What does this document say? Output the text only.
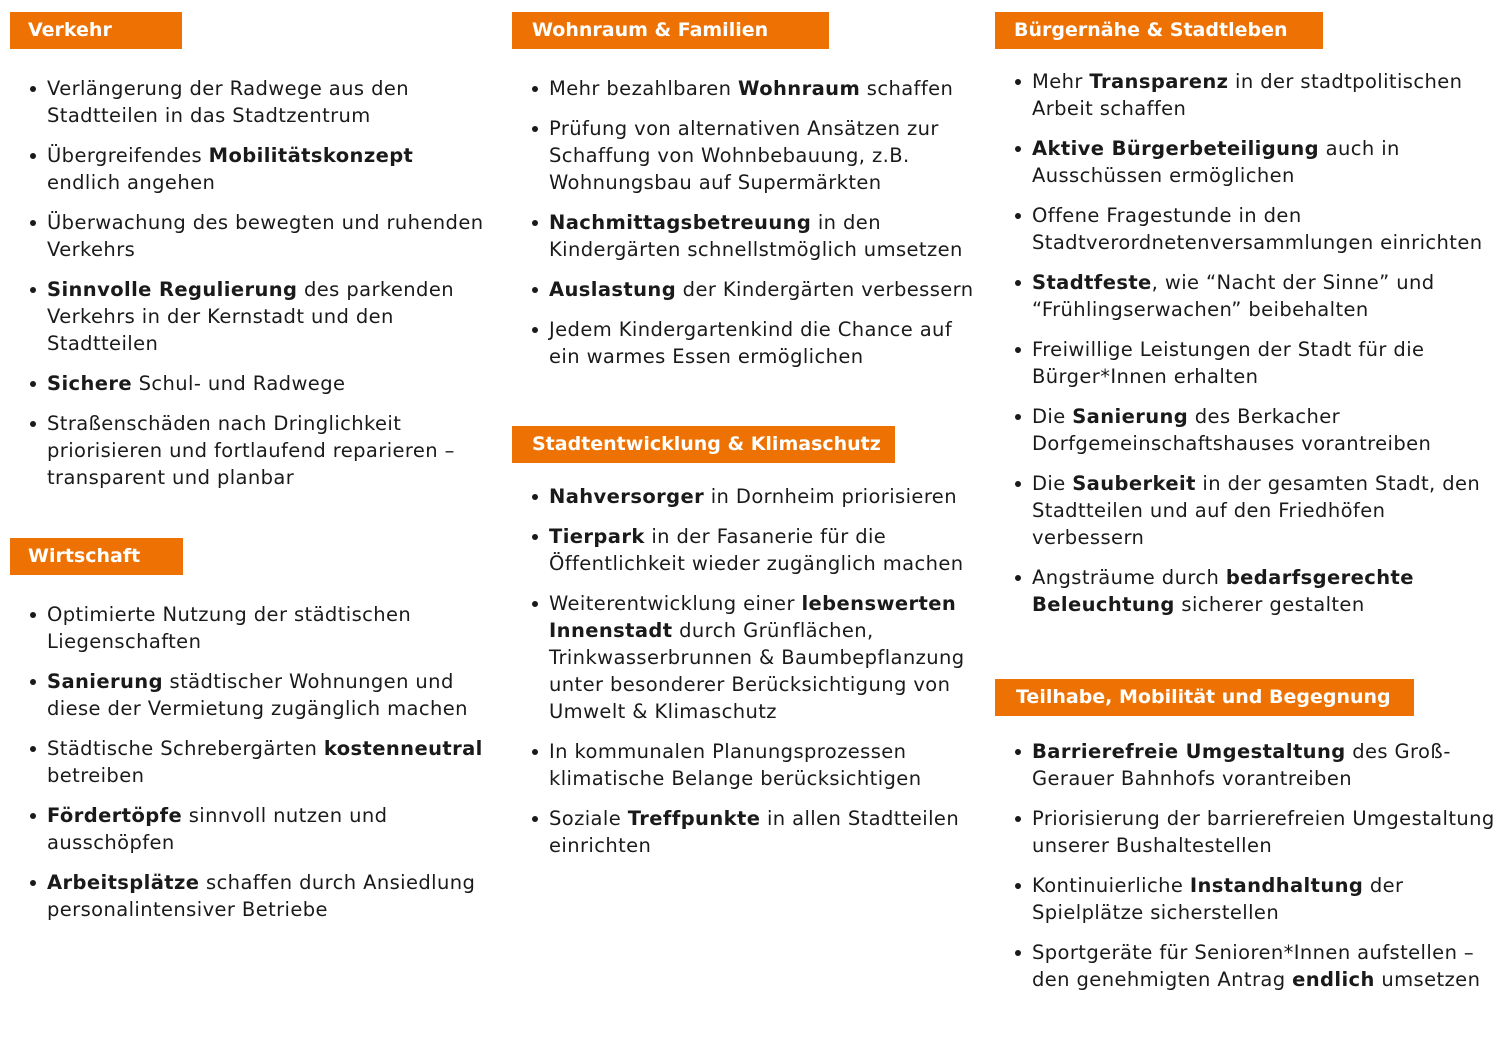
Verkehr
Verlängerung der Radwege aus den Stadtteilen in das Stadtzentrum
Übergreifendes Mobilitätskonzept endlich angehen
Überwachung des bewegten und ruhenden Verkehrs
Sinnvolle Regulierung des parkenden Verkehrs in der Kernstadt und den Stadtteilen
Sichere Schul- und Radwege
Straßenschäden nach Dringlichkeit priorisieren und fortlaufend reparieren – transparent und planbar
Wirtschaft
Optimierte Nutzung der städtischen Liegenschaften
Sanierung städtischer Wohnungen und diese der Vermietung zugänglich machen
Städtische Schrebergärten kostenneutral betreiben
Fördertöpfe sinnvoll nutzen und ausschöpfen
Arbeitsplätze schaffen durch Ansiedlung personalintensiver Betriebe
Wohnraum & Familien
Mehr bezahlbaren Wohnraum schaffen
Prüfung von alternativen Ansätzen zur Schaffung von Wohnbebauung, z.B. Wohnungsbau auf Supermärkten
Nachmittagsbetreuung in den Kindergärten schnellstmöglich umsetzen
Auslastung der Kindergärten verbessern
Jedem Kindergartenkind die Chance auf ein warmes Essen ermöglichen
Stadtentwicklung & Klimaschutz
Nahversorger in Dornheim priorisieren
Tierpark in der Fasanerie für die Öffentlichkeit wieder zugänglich machen
Weiterentwicklung einer lebenswerten Innenstadt durch Grünflächen, Trinkwasserbrunnen & Baumbepflanzung unter besonderer Berücksichtigung von Umwelt & Klimaschutz
In kommunalen Planungsprozessen klimatische Belange berücksichtigen
Soziale Treffpunkte in allen Stadtteilen einrichten
Bürgernähe & Stadtleben
Mehr Transparenz in der stadtpolitischen Arbeit schaffen
Aktive Bürgerbeteiligung auch in Ausschüssen ermöglichen
Offene Fragestunde in den Stadtverordnetenversammlungen einrichten
Stadtfeste, wie “Nacht der Sinne” und “Frühlingserwachen” beibehalten
Freiwillige Leistungen der Stadt für die Bürger*Innen erhalten
Die Sanierung des Berkacher Dorfgemeinschaftshauses vorantreiben
Die Sauberkeit in der gesamten Stadt, den Stadtteilen und auf den Friedhöfen verbessern
Angsträume durch bedarfsgerechte Beleuchtung sicherer gestalten
Teilhabe, Mobilität und Begegnung
Barrierefreie Umgestaltung des Groß-Gerauer Bahnhofs vorantreiben
Priorisierung der barrierefreien Umgestaltung unserer Bushaltestellen
Kontinuierliche Instandhaltung der Spielplätze sicherstellen
Sportgeräte für Senioren*Innen aufstellen – den genehmigten Antrag endlich umsetzen
